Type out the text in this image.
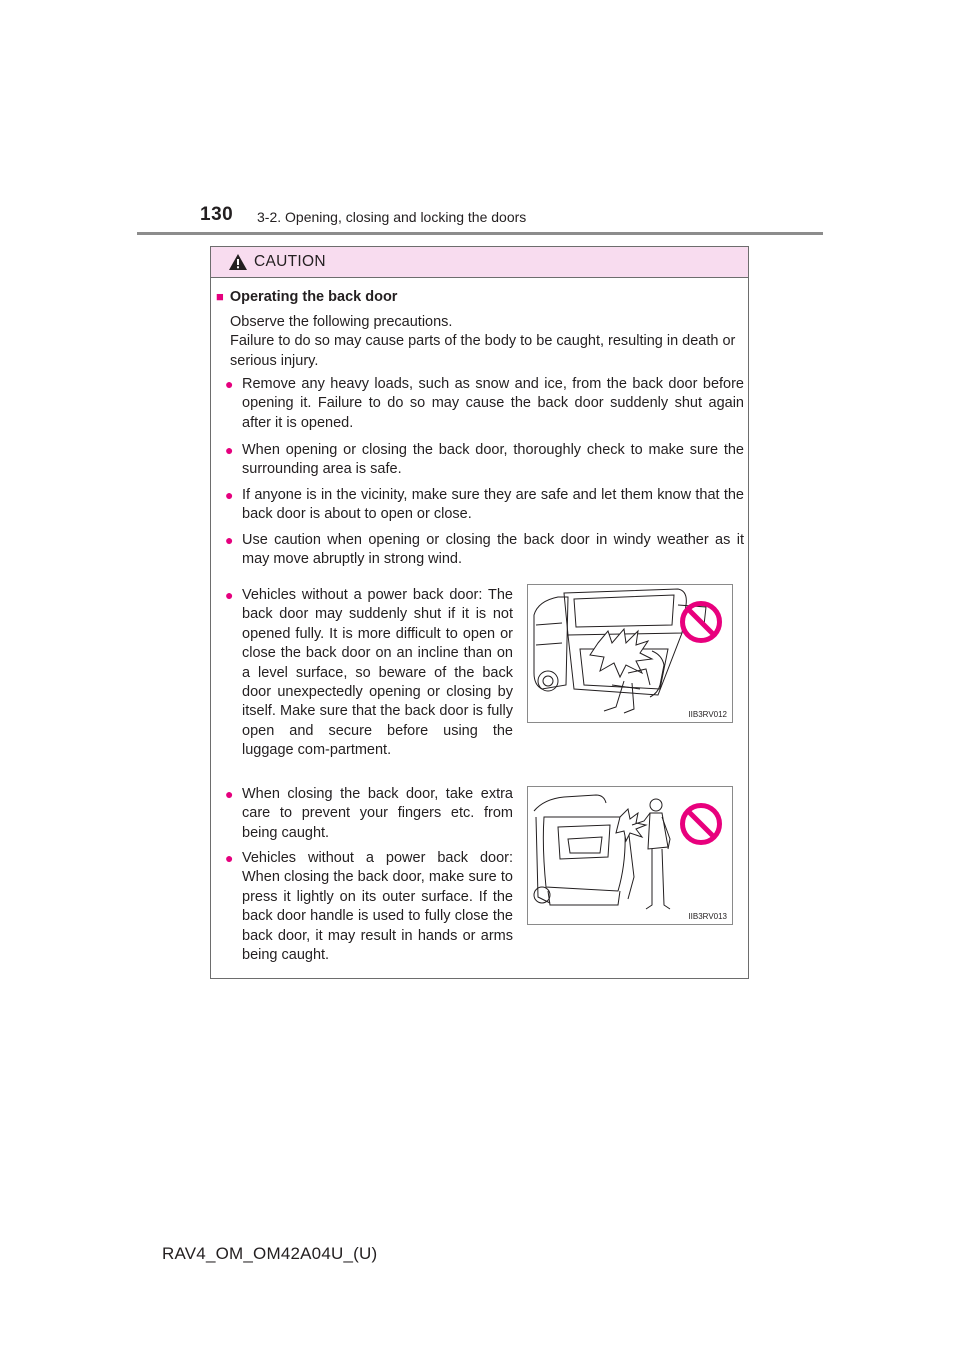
130 3-2. Opening, closing and locking the doors
CAUTION
■ Operating the back door

Observe the following precautions.

Failure to do so may cause parts of the body to be caught, resulting in death or serious injury.

● Remove any heavy loads, such as snow and ice, from the back door before opening it. Failure to do so may cause the back door suddenly shut again after it is opened.

● When opening or closing the back door, thoroughly check to make sure the surrounding area is safe.

● If anyone is in the vicinity, make sure they are safe and let them know that the back door is about to open or close.

● Use caution when opening or closing the back door in windy weather as it may move abruptly in strong wind.

● Vehicles without a power back door: The back door may suddenly shut if it is not opened fully. It is more difficult to open or close the back door on an incline than on a level surface, so beware of the back door unexpectedly opening or closing by itself. Make sure that the back door is fully open and secure before using the luggage com-partment.

● When closing the back door, take extra care to prevent your fingers etc. from being caught.

● Vehicles without a power back door: When closing the back door, make sure to press it lightly on its outer surface. If the back door handle is used to fully close the back door, it may result in hands or arms being caught.

IIB3RV012
IIB3RV013
RAV4_OM_OM42A04U_(U)
